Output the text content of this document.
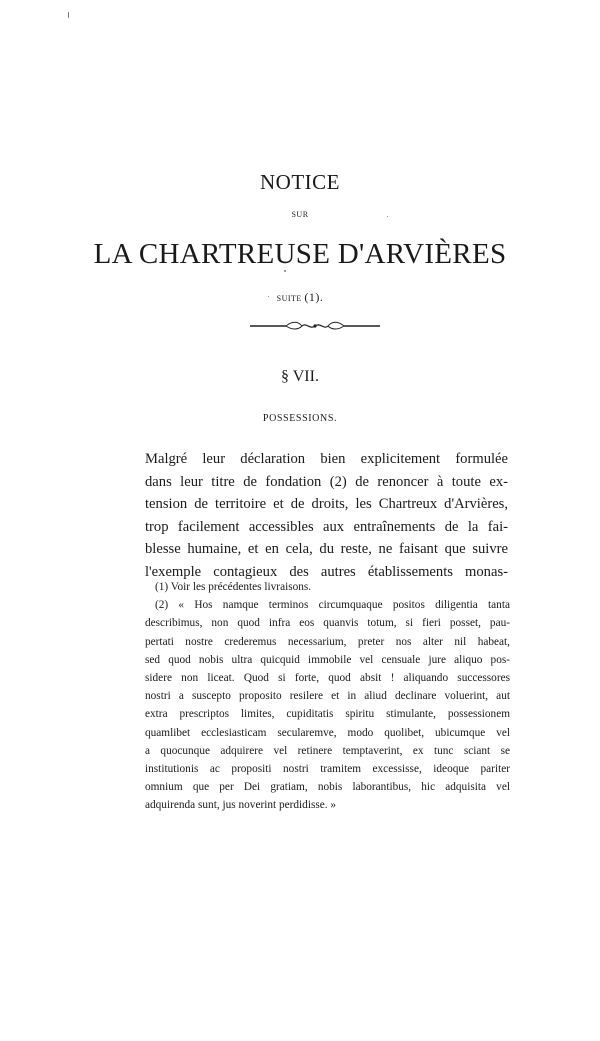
NOTICE
SUR
LA CHARTREUSE D'ARVIÈRES
SUITE (1).
§ VII.
POSSESSIONS.
Malgré leur déclaration bien explicitement formulée
dans leur titre de fondation (2) de renoncer à toute ex-
tension de territoire et de droits, les Chartreux d'Arvières,
trop facilement accessibles aux entraînements de la fai-
blesse humaine, et en cela, du reste, ne faisant que suivre
l'exemple contagieux des autres établissements monas-
(1) Voir les précédentes livraisons.
(2) « Hos namque terminos circumquaque positos diligentia tanta
describimus, non quod infra eos quanvis totum, si fieri posset, pau-
pertati nostre crederemus necessarium, preter nos alter nil habeat,
sed quod nobis ultra quicquid immobile vel censuale jure aliquo pos-
sidere non liceat. Quod si forte, quod absit ! aliquando successores
nostri a suscepto proposito resilere et in aliud declinare voluerint, aut
extra prescriptos limites, cupiditatis spiritu stimulante, possessionem
quamlibet ecclesiasticam secularemve, modo quolibet, ubicumque vel
a quocunque adquirere vel retinere temptaverint, ex tunc sciant se
institutionis ac propositi nostri tramitem excessisse, ideoque pariter
omnium que per Dei gratiam, nobis laborantibus, hic adquisita vel
adquirenda sunt, jus noverint perdidisse. »
